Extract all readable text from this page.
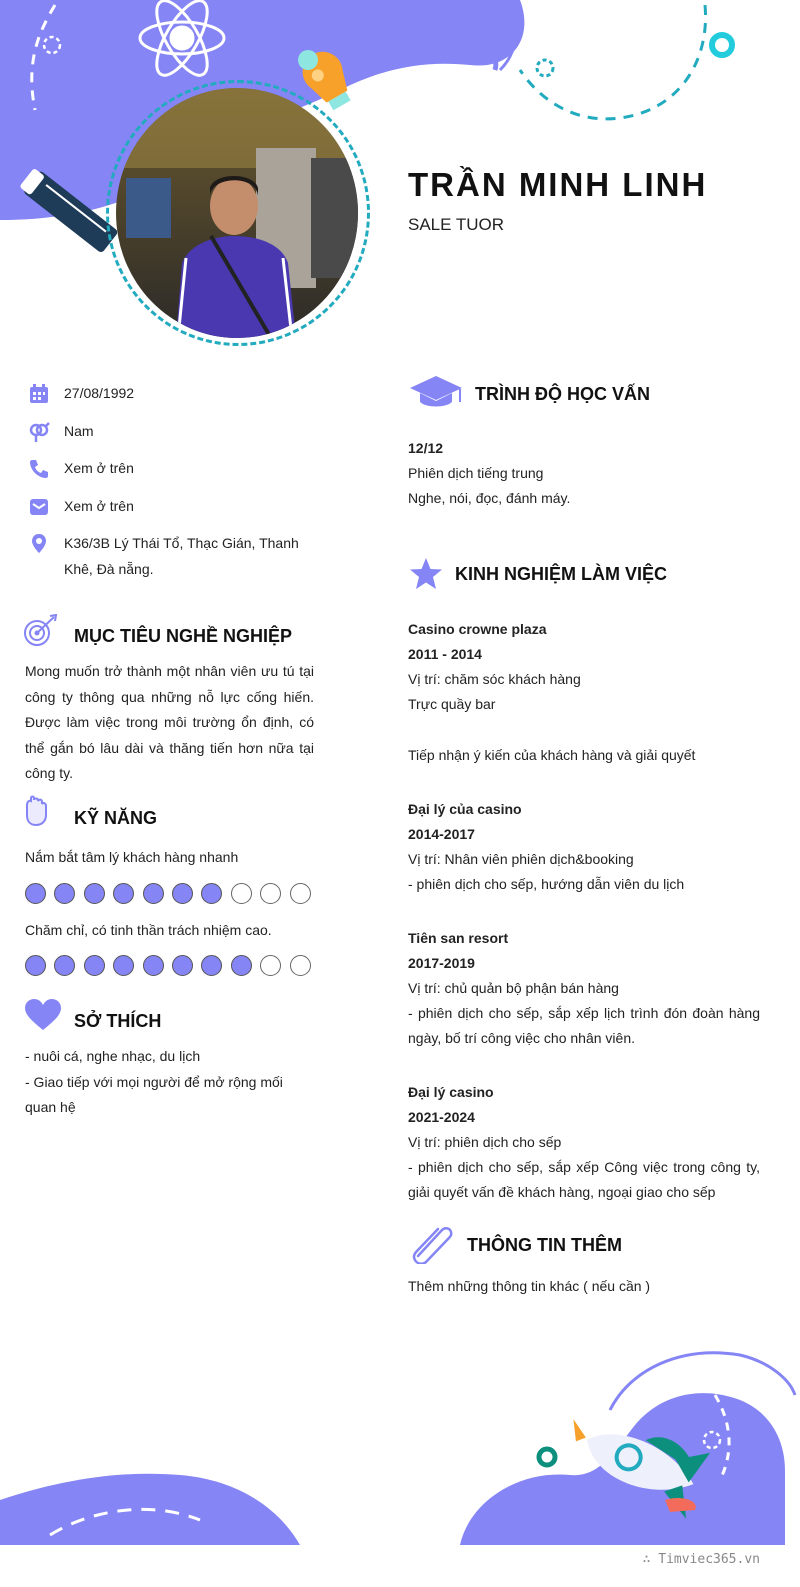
TRẦN MINH LINH
SALE TUOR
27/08/1992
Nam
Xem ở trên
Xem ở trên
K36/3B Lý Thái Tổ, Thạc Gián, Thanh Khê, Đà nẵng.
MỤC TIÊU NGHỀ NGHIỆP
Mong muốn trở thành một nhân viên ưu tú tại công ty thông qua những nỗ lực cống hiến. Được làm việc trong môi trường ổn định, có thể gắn bó lâu dài và thăng tiến hơn nữa tại công ty.
KỸ NĂNG
Nắm bắt tâm lý khách hàng nhanh
Chăm chỉ, có tinh thần trách nhiệm cao.
SỞ THÍCH
- nuôi cá, nghe nhạc, du lịch
- Giao tiếp với mọi người để mở rộng mối quan hệ
TRÌNH ĐỘ HỌC VẤN
12/12
Phiên dịch tiếng trung
Nghe, nói, đọc, đánh máy.
KINH NGHIỆM LÀM VIỆC
Casino crowne plaza
2011 - 2014
Vị trí: chăm sóc khách hàng
Trực quầy bar
Tiếp nhận ý kiến của khách hàng và giải quyết
Đại lý của casino
2014-2017
Vị trí: Nhân viên phiên dịch&booking
- phiên dịch cho sếp, hướng dẫn viên du lịch
Tiên san resort
2017-2019
Vị trí: chủ quản bộ phận bán hàng
- phiên dịch cho sếp, sắp xếp lịch trình đón đoàn hàng ngày, bố trí công việc cho nhân viên.
Đại lý casino
2021-2024
Vị trí: phiên dịch cho sếp
- phiên dịch cho sếp, sắp xếp Công việc trong công ty, giải quyết vấn đề khách hàng, ngoại giao cho sếp
THÔNG TIN THÊM
Thêm những thông tin khác ( nếu cần )
∴ Timviec365.vn
